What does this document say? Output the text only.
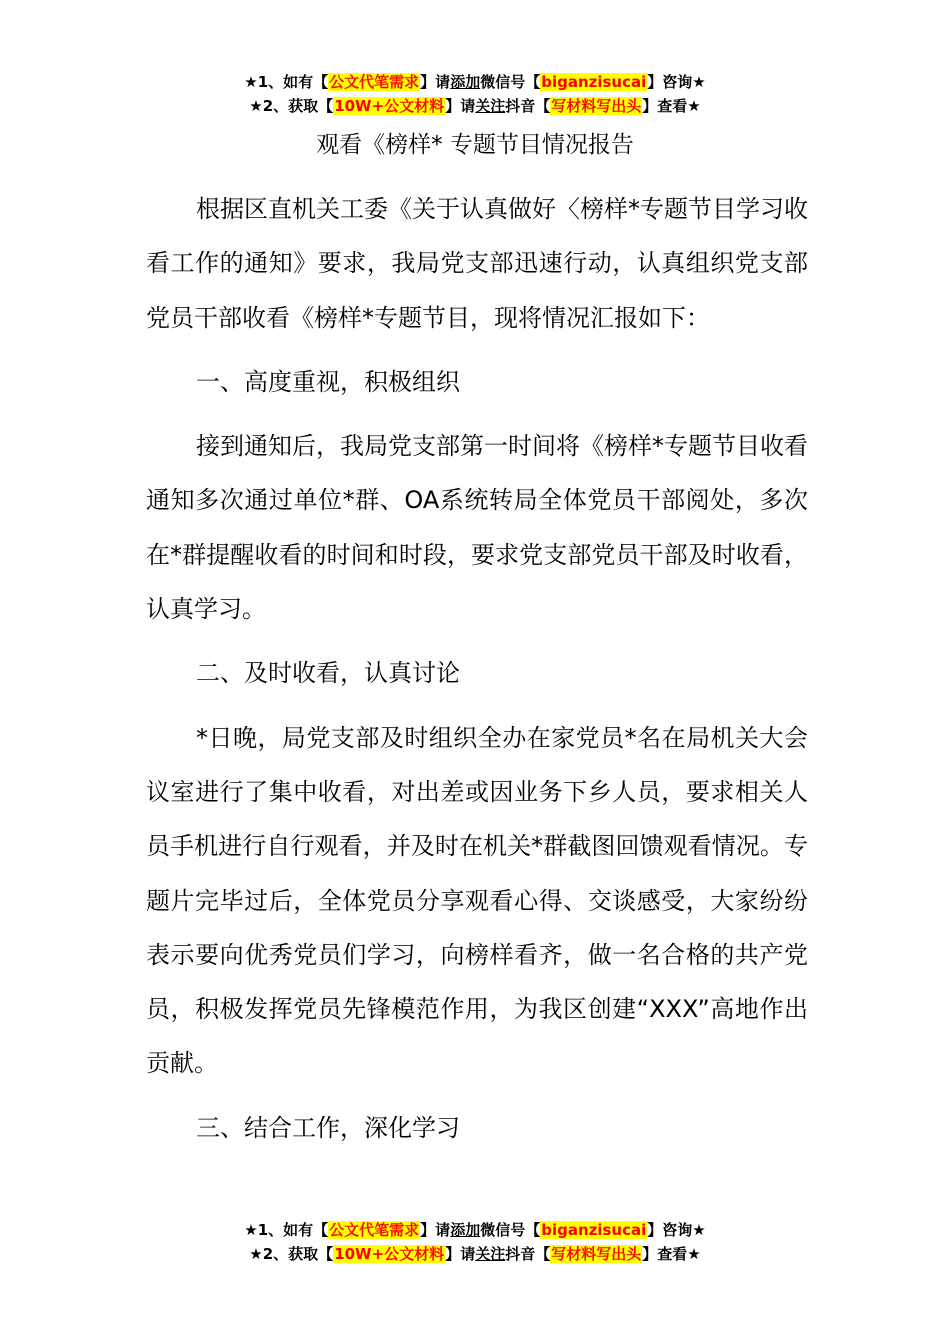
★1、如有【公文代笔需求】请添加微信号【biganzisucai】咨询★
★2、获取【10W+公文材料】请关注抖音【写材料写出头】查看★
观看《榜样* 专题节目情况报告

根据区直机关工委《关于认真做好〈榜样*专题节目学习收看工作的通知》要求，我局党支部迅速行动，认真组织党支部党员干部收看《榜样*专题节目，现将情况汇报如下：

一、高度重视，积极组织

接到通知后，我局党支部第一时间将《榜样*专题节目收看通知多次通过单位*群、OA系统转局全体党员干部阅处，多次在*群提醒收看的时间和时段，要求党支部党员干部及时收看，认真学习。

二、及时收看，认真讨论

*日晚，局党支部及时组织全办在家党员*名在局机关大会议室进行了集中收看，对出差或因业务下乡人员，要求相关人员手机进行自行观看，并及时在机关*群截图回馈观看情况。专题片完毕过后，全体党员分享观看心得、交谈感受，大家纷纷表示要向优秀党员们学习，向榜样看齐，做一名合格的共产党员，积极发挥党员先锋模范作用，为我区创建“XXX”高地作出贡献。

三、结合工作，深化学习

★1、如有【公文代笔需求】请添加微信号【biganzisucai】咨询★
★2、获取【10W+公文材料】请关注抖音【写材料写出头】查看★
